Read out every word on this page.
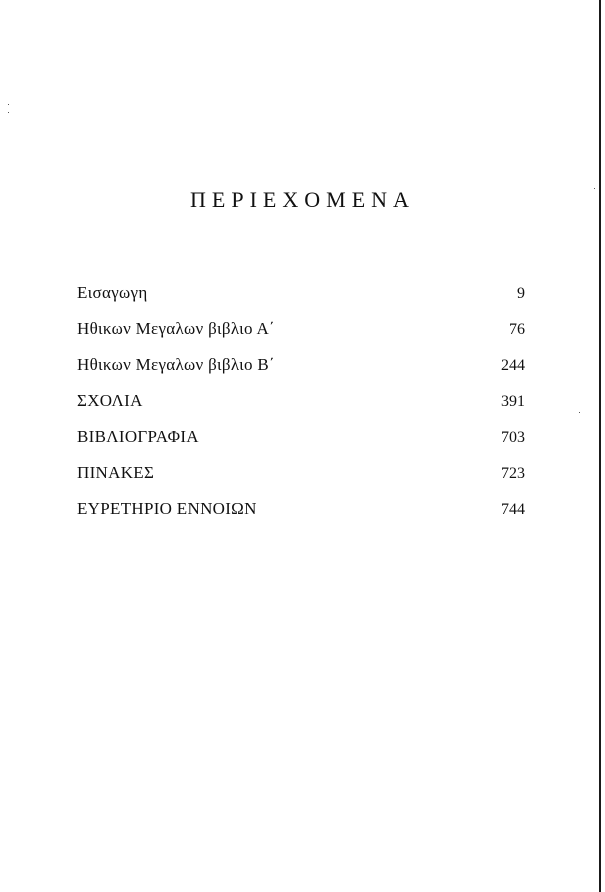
ΠΕΡΙΕΧΟΜΕΝΑ
Εισαγωγη	9
Ηθικων Μεγαλων βιβλιο Α΄	76
Ηθικων Μεγαλων βιβλιο Β΄	244
ΣΧΟΛΙΑ	391
ΒΙΒΛΙΟΓΡΑΦΙΑ	703
ΠΙΝΑΚΕΣ	723
ΕΥΡΕΤΗΡΙΟ ΕΝΝΟΙΩΝ	744
